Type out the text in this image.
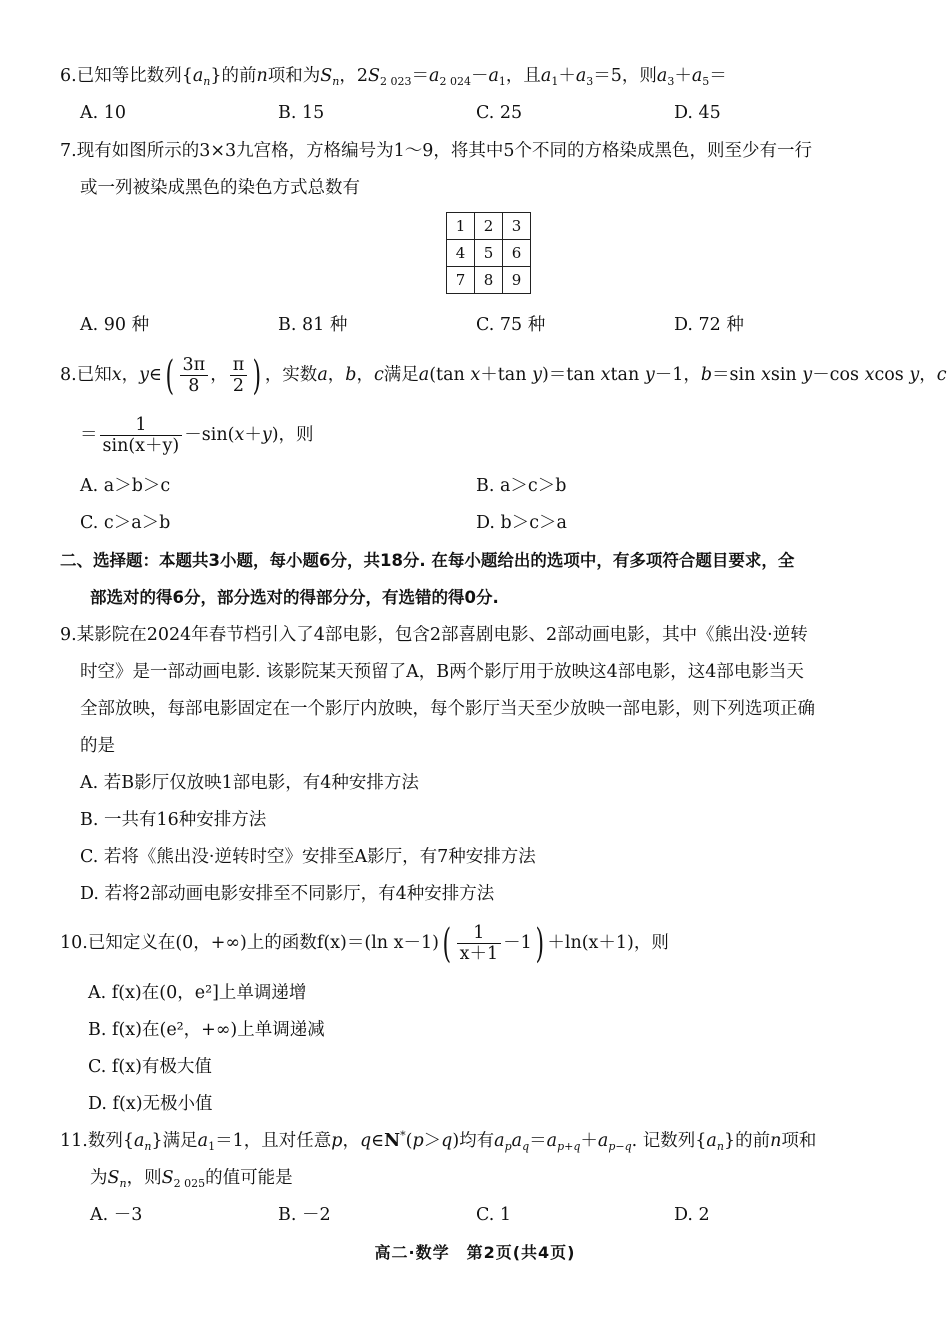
6.已知等比数列$\{a_n\}$的前n项和为$S_n$，$2S_{2 023}=a_{2 024}-a_1$，且$a_1+a_3=5$，则$a_3+a_5=$
A. 10	B. 15	C. 25	D. 45
7.现有如图所示的3×3九宫格，方格编号为1～9，将其中5个不同的方格染成黑色，则至少有一行
或一列被染成黑色的染色方式总数有
1	2	3
4	5	6
7	8	9
A. 90 种	B. 81 种	C. 75 种	D. 72 种
8.已知x，y∈( $\frac{3\pi}{8}$ ， $\frac{\pi}{2}$ ) ，实数a，b，c满足a(tan x＋tan y)＝tan xtan y－1，b＝sin xsin y－cos xcos y，c
＝ $\frac{1}{\sin(x+y)} -\sin(x+y)$，则
A. a＞b＞c	B. a＞c＞b
C. c＞a＞b	D. b＞c＞a
二、选择题：本题共3小题，每小题6分，共18分. 在每小题给出的选项中，有多项符合题目要求，全
部选对的得6分，部分选对的得部分分，有选错的得0分.
9.某影院在2024年春节档引入了4部电影，包含2部喜剧电影、2部动画电影，其中《熊出没·逆转
时空》是一部动画电影. 该影院某天预留了A，B两个影厅用于放映这4部电影，这4部电影当天
全部放映，每部电影固定在一个影厅内放映，每个影厅当天至少放映一部电影，则下列选项正确
的是
A. 若B影厅仅放映1部电影，有4种安排方法
B. 一共有16种安排方法
C. 若将《熊出没·逆转时空》安排至A影厅，有7种安排方法
D. 若将2部动画电影安排至不同影厅，有4种安排方法
10.已知定义在(0，+∞)上的函数f(x)＝(ln $x-1)( \frac{1}{x+1} -1) +\ln(x+1)$，则
A. f(x)在(0，e²]上单调递增
B. f(x)在(e²，+∞)上单调递减
C. f(x)有极大值
D. f(x)无极小值
11.数列$\{a_n\}$满足$a_1=1$，且对任意p，q∈N*(p＞q)均有$a_pa_q=a_{p+q}+a_{p-q}$. 记数列$\{a_n\}$的前n项和
为$S_n$，则$S_{2 025}$的值可能是
A. －3	B. －2	C. 1	D. 2
高二·数学　第2页(共4页)
